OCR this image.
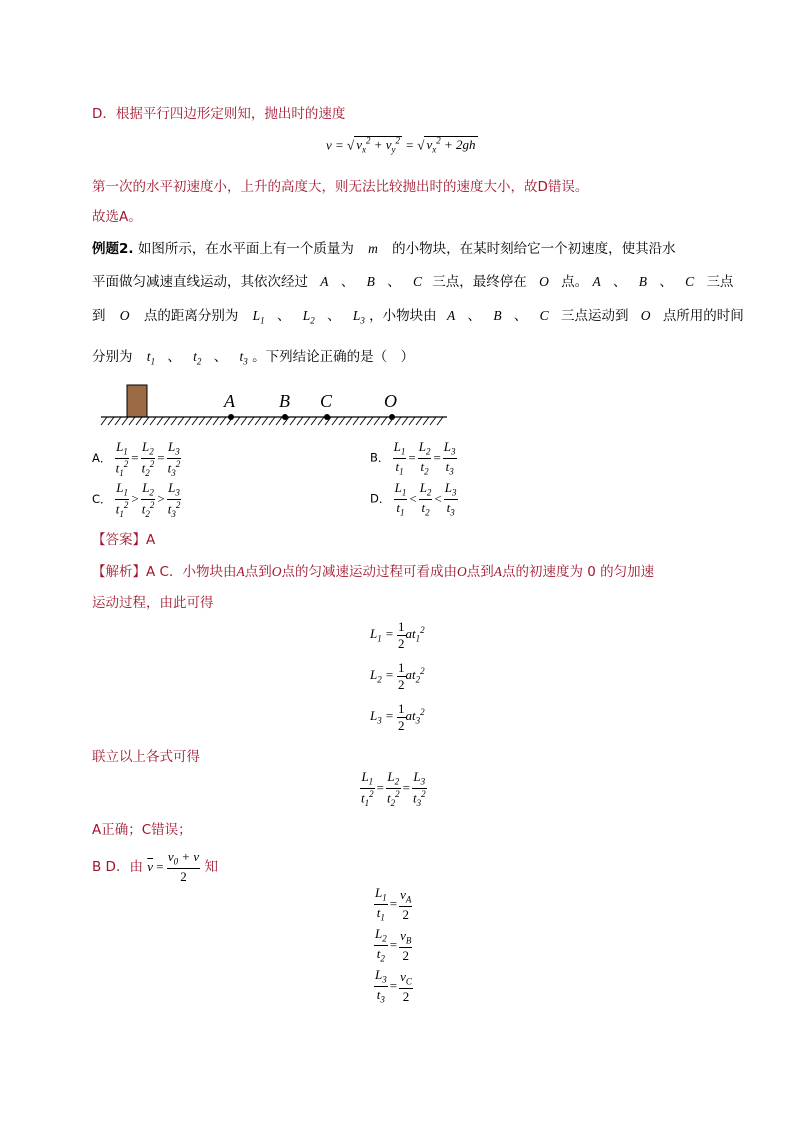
D．根据平行四边形定则知，抛出时的速度
v = √ $v_x^2 + v_y^2$ = √ $v_x^2 + 2gh$
第一次的水平初速度小，上升的高度大，则无法比较抛出时的速度大小，故D错误。
故选A。
例题2. 如图所示，在水平面上有一个质量为 m 的小物块，在某时刻给它一个初速度，使其沿水
平面做匀减速直线运动，其依次经过 A 、 B 、 C 三点，最终停在 O 点。 A 、 B 、 C 三点
到 O 点的距离分别为 $L_1$ 、 $L_2$ 、 $L_3$ ，小物块由 A 、 B 、 C 三点运动到 O 点所用的时间
分别为 $t_1$ 、 $t_2$ 、 $t_3$ 。下列结论正确的是（　）
A B C	O
A． $\frac{L_1}{t_1^2} = \frac{L_2}{t_2^2} = \frac{L_3}{t_3^2}$	B． $\frac{L_1}{t_1} = \frac{L_2}{t_2} = \frac{L_3}{t_3}$
C． $\frac{L_1}{t_1^2} > \frac{L_2}{t_2^2} > \frac{L_3}{t_3^2}$	D． $\frac{L_1}{t_1} < \frac{L_2}{t_2} < \frac{L_3}{t_3}$
【答案】A
【解析】A C．小物块由A点到O点的匀减速运动过程可看成由O点到A点的初速度为 0 的匀加速
运动过程，由此可得
$L_1 = \frac{1}{2} at_1^2$
$L_2 = \frac{1}{2} at_2^2$
$L_3 = \frac{1}{2} at_3^2$
联立以上各式可得
$\frac{L_1}{t_1^2} = \frac{L_2}{t_2^2} = \frac{L_3}{t_3^2}$
A正确；C错误；
B D．由 $\overline{v} = \frac{v_0 + v}{2}$ 知
$\frac{L_1}{t_1} = \frac{v_A}{2}$
$\frac{L_2}{t_2} = \frac{v_B}{2}$
$\frac{L_3}{t_3} = \frac{v_C}{2}$
